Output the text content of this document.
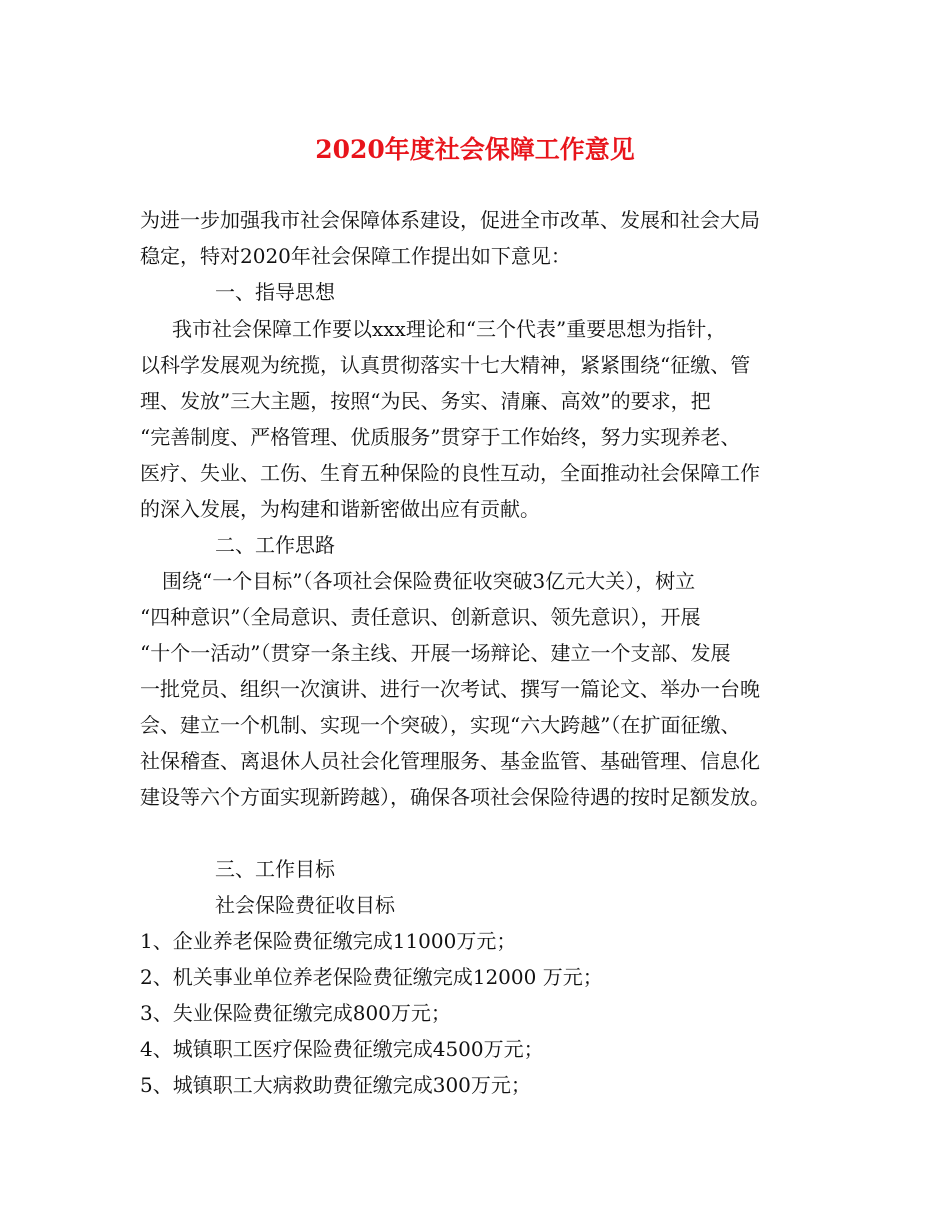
2020年度社会保障工作意见
为进一步加强我市社会保障体系建设，促进全市改革、发展和社会大局
稳定，特对2020年社会保障工作提出如下意见：
一、指导思想
我市社会保障工作要以xxx理论和“三个代表”重要思想为指针，
以科学发展观为统揽，认真贯彻落实十七大精神，紧紧围绕“征缴、管
理、发放”三大主题，按照“为民、务实、清廉、高效”的要求，把
“完善制度、严格管理、优质服务”贯穿于工作始终，努力实现养老、
医疗、失业、工伤、生育五种保险的良性互动，全面推动社会保障工作
的深入发展，为构建和谐新密做出应有贡献。
二、工作思路
围绕“一个目标”（各项社会保险费征收突破3亿元大关），树立
“四种意识”（全局意识、责任意识、创新意识、领先意识），开展
“十个一活动”（贯穿一条主线、开展一场辩论、建立一个支部、发展
一批党员、组织一次演讲、进行一次考试、撰写一篇论文、举办一台晚
会、建立一个机制、实现一个突破），实现“六大跨越”（在扩面征缴、
社保稽查、离退休人员社会化管理服务、基金监管、基础管理、信息化
建设等六个方面实现新跨越），确保各项社会保险待遇的按时足额发放。
三、工作目标
社会保险费征收目标
1、企业养老保险费征缴完成11000万元；
2、机关事业单位养老保险费征缴完成12000 万元；
3、失业保险费征缴完成800万元；
4、城镇职工医疗保险费征缴完成4500万元；
5、城镇职工大病救助费征缴完成300万元；
